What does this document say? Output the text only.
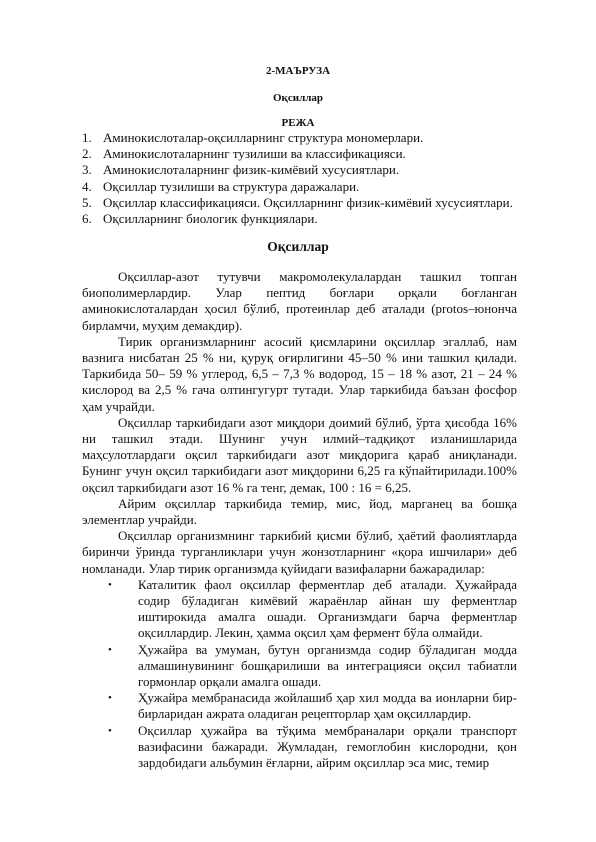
2-МАЪРУЗА
Оқсиллар
РЕЖА
1. Аминокислоталар-оқсилларнинг структура мономерлари.
2. Аминокислоталарнинг тузилиши ва классификацияси.
3. Аминокислоталарнинг физик-кимёвий хусусиятлари.
4. Оқсиллар тузилиши ва структура даражалари.
5. Оқсиллар классификацияси. Оқсилларнинг физик-кимёвий хусусиятлари.
6. Оқсилларнинг биологик функциялари.
Оқсиллар

Оқсиллар-азот тутувчи макромолекулалардан ташкил топган биополимерлардир. Улар пептид боғлари орқали боғланган аминокислоталардан ҳосил бўлиб, протеинлар деб аталади (protos–юнонча бирламчи, муҳим демакдир).

Тирик организмларнинг асосий қисмларини оқсиллар эгаллаб, нам вазнига нисбатан 25 % ни, қуруқ оғирлигини 45–50 % ини ташкил қилади. Таркибида 50– 59 % углерод, 6,5 – 7,3 % водород, 15 – 18 % азот, 21 – 24 % кислород ва 2,5 % гача олтингугурт тутади. Улар таркибида баъзан фосфор ҳам учрайди.

Оқсиллар таркибидаги азот миқдори доимий бўлиб, ўрта ҳисобда 16% ни ташкил этади. Шунинг учун илмий–тадқиқот изланишларида маҳсулотлардаги оқсил таркибидаги азот миқдорига қараб аниқланади. Бунинг учун оқсил таркибидаги азот миқдорини 6,25 га кўпайтирилади.100% оқсил таркибидаги азот 16 % га тенг, демак, 100 : 16 = 6,25.

Айрим оқсиллар таркибида темир, мис, йод, марганец ва бошқа элементлар учрайди.

Оқсиллар организмнинг таркибий қисми бўлиб, ҳаётий фаолиятларда биринчи ўринда турганликлари учун жонзотларнинг «қора ишчилари» деб номланади. Улар тирик организмда қуйидаги вазифаларни бажарадилар:

• Каталитик фаол оқсиллар ферментлар деб аталади. Ҳужайрада содир бўладиган кимёвий жараёнлар айнан шу ферментлар иштирокида амалга ошади. Организмдаги барча ферментлар оқсиллардир. Лекин, ҳамма оқсил ҳам фермент бўла олмайди.
• Ҳужайра ва умуман, бутун организмда содир бўладиган модда алмашинувининг бошқарилиши ва интеграцияси оқсил табиатли гормонлар орқали амалга ошади.
• Ҳужайра мембранасида жойлашиб ҳар хил модда ва ионларни бир-бирларидан ажрата оладиган рецепторлар ҳам оқсиллардир.
• Оқсиллар ҳужайра ва тўқима мембраналари орқали транспорт вазифасини бажаради. Жумладан, гемоглобин кислородни, қон зардобидаги альбумин ёғларни, айрим оқсиллар эса мис, темир
